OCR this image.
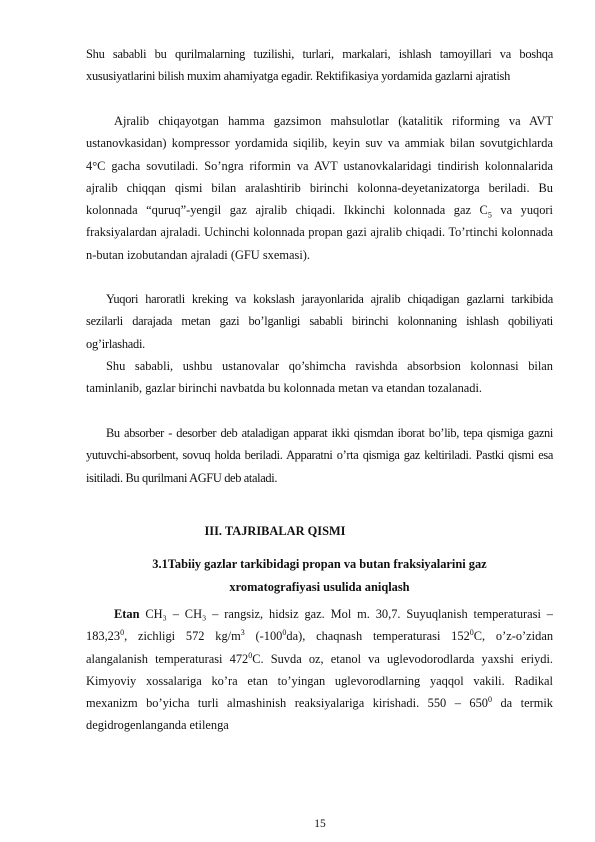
Shu sababli bu qurilmalarning tuzilishi, turlari, markalari, ishlash tamoyillari va boshqa xususiyatlarini bilish muxim ahamiyatga egadir. Rektifikasiya yordamida gazlarni ajratish

Ajralib chiqayotgan hamma gazsimon mahsulotlar (katalitik riforming va AVT ustanovkasidan) kompressor yordamida siqilib, keyin suv va ammiak bilan sovutgichlarda 4°C gacha sovutiladi. So’ngra riformin va AVT ustanovkalaridagi tindirish kolonnalarida ajralib chiqqan qismi bilan aralashtirib birinchi kolonna-deyetanizatorga beriladi. Bu kolonnada “quruq”-yengil gaz ajralib chiqadi. Ikkinchi kolonnada gaz $C_5$ va yuqori fraksiyalardan ajraladi. Uchinchi kolonnada propan gazi ajralib chiqadi. To’rtinchi kolonnada n-butan izobutandan ajraladi (GFU sxemasi).

Yuqori haroratli kreking va kokslash jarayonlarida ajralib chiqadigan gazlarni tarkibida sezilarli darajada metan gazi bo’lganligi sababli birinchi kolonnaning ishlash qobiliyati og’irlashadi.

Shu sababli, ushbu ustanovalar qo’shimcha ravishda absorbsion kolonnasi bilan taminlanib, gazlar birinchi navbatda bu kolonnada metan va etandan tozalanadi.

Bu absorber - desorber deb ataladigan apparat ikki qismdan iborat bo’lib, tepa qismiga gazni yutuvchi-absorbent, sovuq holda beriladi. Apparatni o’rta qismiga gaz keltiriladi. Pastki qismi esa isitiladi. Bu qurilmani AGFU deb ataladi.

III. TAJRIBALAR QISMI

3.1Tabiiy gazlar tarkibidagi propan va butan fraksiyalarini gaz

xromatografiyasi usulida aniqlash

Etan CH₃ – CH₃ – rangsiz, hidsiz gaz. Mol m. 30,7. Suyuqlanish temperaturasi – 183,23$^0$, zichligi 572 $kg/m^3$ $(-100^0da)$, chaqnash temperaturasi $152^0C$, o’z-o’zidan alangalanish temperaturasi $472^0C$. Suvda oz, etanol va uglevodorodlarda yaxshi eriydi. Kimyoviy xossalariga ko’ra etan to’yingan uglevorodlarning yaqqol vakili. Radikal mexanizm bo’yicha turli almashinish reaksiyalariga kirishadi. $550 - 650^0$ da termik degidrogenlanganda etilenga

15
